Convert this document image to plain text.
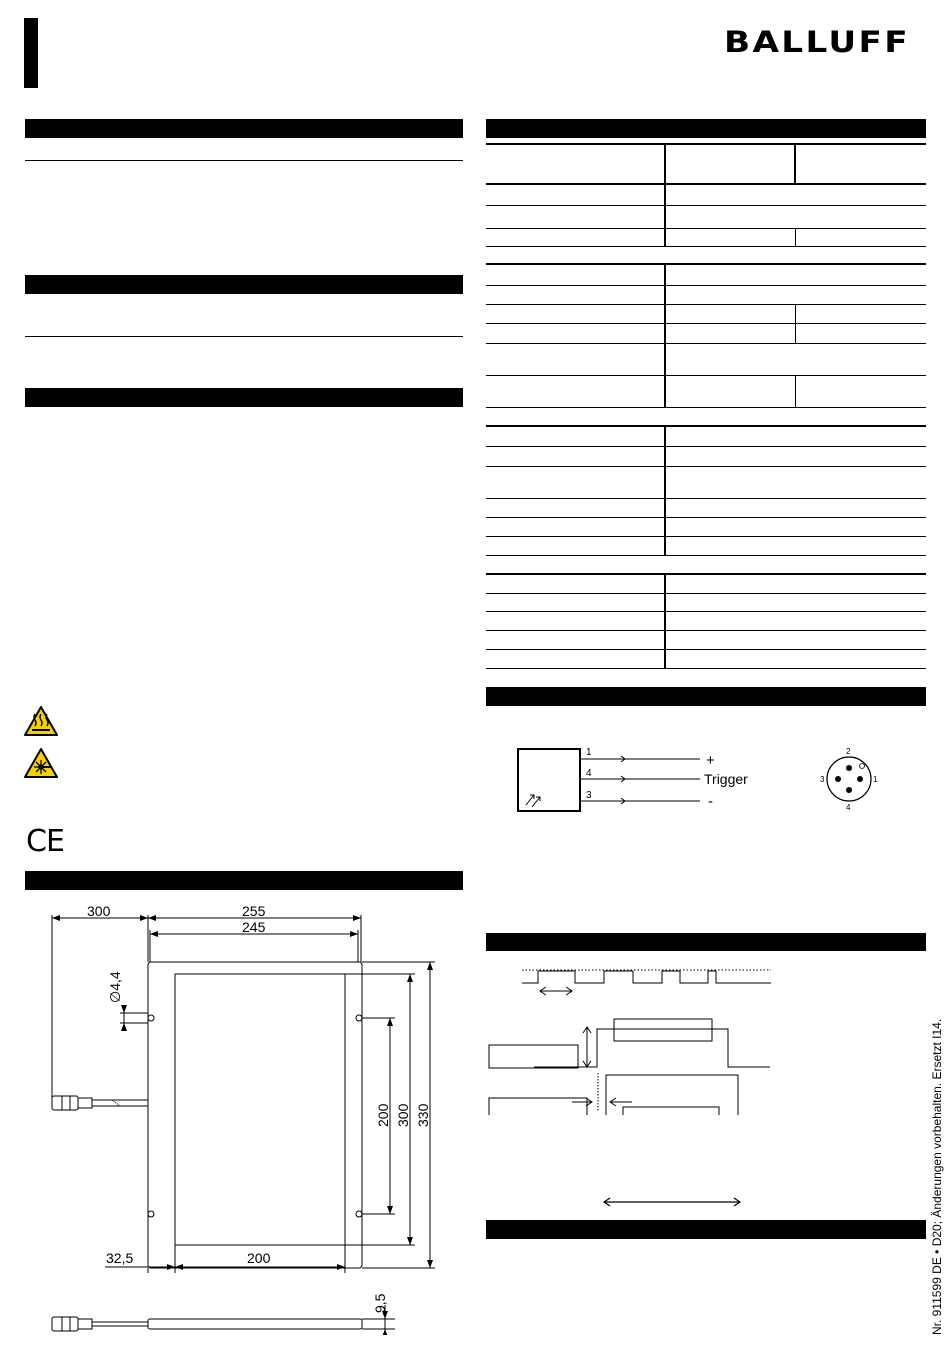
BALLUFF
CE
1
4
3
+
Trigger
-
2
3	1
4
300	255
245
∅4,4
200 300 330
32,5	200
9,5	Nr. 911599 DE • D20; Änderungen vorbehalten. Ersetzt I14.
